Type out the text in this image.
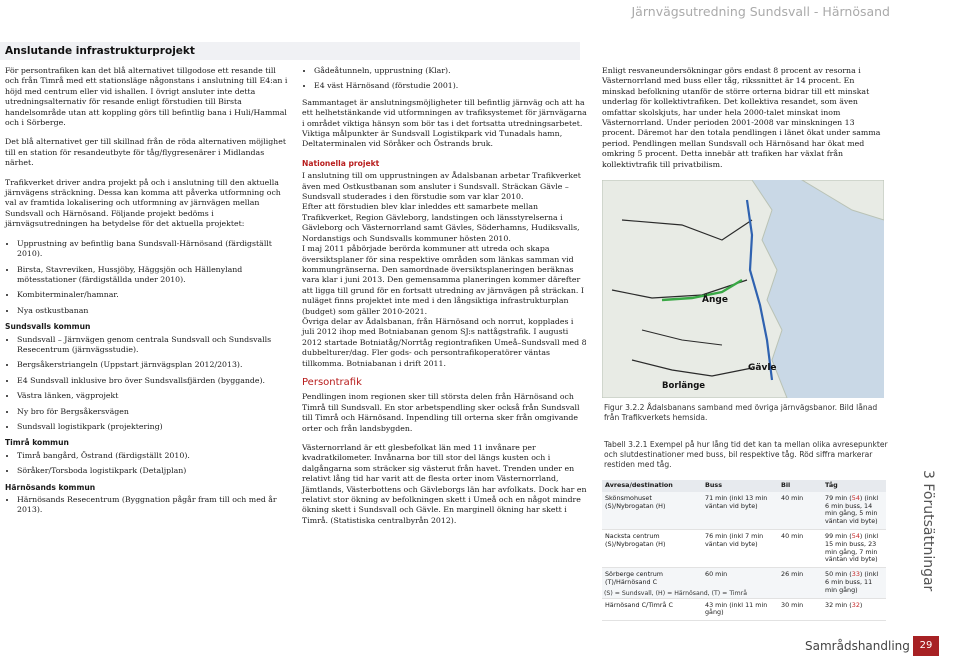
Järnvägsutredning Sundsvall - Härnösand
Anslutande infrastrukturprojekt

För persontrafiken kan det blå alternativet tillgodose ett resande till och från Timrå med ett stationsläge någonstans i anslutning till E4:an i höjd med centrum eller vid ishallen. I övrigt ansluter inte detta utredningsalternativ för resande enligt förstudien till Birsta handelsområde utan att koppling görs till befintlig bana i Huli/Hammal och i Sörberge.

Det blå alternativet ger till skillnad från de röda alternativen möjlighet till en station för resandeutbyte för tåg/flygresenärer i Midlandas närhet.

Trafikverket driver andra projekt på och i anslutning till den aktuella järnvägens sträckning. Dessa kan komma att påverka utformning och val av framtida lokalisering och utformning av järnvägen mellan Sundsvall och Härnösand. Följande projekt bedöms i järnvägsutredningen ha betydelse för det aktuella projektet:

• Upprustning av befintlig bana Sundsvall-Härnösand (färdigställt 2010).
• Birsta, Stavreviken, Hussjöby, Häggsjön och Hällenyland mötesstationer (färdigställda under 2010).
• Kombiterminaler/hamnar.
• Nya ostkustbanan
Sundsvalls kommun
• Sundsvall – Järnvägen genom centrala Sundsvall och Sundsvalls Resecentrum (järnvägsstudie).
• Bergsåkerstriangeln (Uppstart järnvägsplan 2012/2013).
• E4 Sundsvall inklusive bro över Sundsvallsfjärden (byggande).
• Västra länken, vägprojekt
• Ny bro för Bergsåkersvägen
• Sundsvall logistikpark (projektering)
Timrå kommun
• Timrå bangård, Östrand (färdigställt 2010).
• Söråker/Torsboda logistikpark (Detaljplan)
Härnösands kommun
• Härnösands Resecentrum (Byggnation pågår fram till och med år 2013).
• Gådeåtunneln, upprustning (Klar).
• E4 väst Härnösand (förstudie 2001).

Sammantaget är anslutningsmöjligheter till befintlig järnväg och att ha ett helhetstänkande vid utformningen av trafiksystemet för järnvägarna i området viktiga hänsyn som bör tas i det fortsatta utredningsarbetet. Viktiga målpunkter är Sundsvall Logistikpark vid Tunadals hamn, Deltaterminalen vid Söråker och Östrands bruk.

Nationella projekt

I anslutning till om upprustningen av Ådalsbanan arbetar Trafikverket även med Ostkustbanan som ansluter i Sundsvall. Sträckan Gävle – Sundsvall studerades i den förstudie som var klar 2010.

Efter att förstudien blev klar inleddes ett samarbete mellan Trafikverket, Region Gävleborg, landstingen och länsstyrelserna i Gävleborg och Västernorrland samt Gävles, Söderhamns, Hudiksvalls, Nordanstigs och Sundsvalls kommuner hösten 2010.

I maj 2011 påbörjade berörda kommuner att utreda och skapa översiktsplaner för sina respektive områden som länkas samman vid kommungränserna. Den samordnade översiktsplaneringen beräknas vara klar i juni 2013. Den gemensamma planeringen kommer därefter att ligga till grund för en fortsatt utredning av järnvägen på sträckan. I nuläget finns projektet inte med i den långsiktiga infrastrukturplan (budget) som gäller 2010-2021.

Övriga delar av Ådalsbanan, från Härnösand och norrut, kopplades i juli 2012 ihop med Botniabanan genom SJ:s nattågstrafik. I augusti 2012 startade Botniatåg/Norrtåg regiontrafiken Umeå–Sundsvall med 8 dubbelturer/dag. Fler gods- och persontrafikoperatörer väntas tillkomma. Botniabanan i drift 2011.

Persontrafik

Pendlingen inom regionen sker till största delen från Härnösand och Timrå till Sundsvall. En stor arbetspendling sker också från Sundsvall till Timrå och Härnösand. Inpendling till orterna sker från omgivande orter och från landsbygden.

Västernorrland är ett glesbefolkat län med 11 invånare per kvadratkilometer. Invånarna bor till stor del längs kusten och i dalgångarna som sträcker sig västerut från havet. Trenden under en relativt lång tid har varit att de flesta orter inom Västernorrland, Jämtlands, Västerbottens och Gävleborgs län har avfolkats. Dock har en relativt stor ökning av befolkningen skett i Umeå och en något mindre ökning skett i Sundsvall och Gävle. En marginell ökning har skett i Timrå. (Statistiska centralbyrån 2012).

Enligt resvaneundersökningar görs endast 8 procent av resorna i Västernorrland med buss eller tåg, rikssnittet är 14 procent. En minskad befolkning utanför de större orterna bidrar till ett minskat underlag för kollektivtrafiken. Det kollektiva resandet, som även omfattar skolskjuts, har under hela 2000-talet minskat inom Västernorrland. Under perioden 2001-2008 var minskningen 13 procent. Däremot har den totala pendlingen i länet ökat under samma period. Pendlingen mellan Sundsvall och Härnösand har ökat med omkring 5 procent. Detta innebär att trafiken har växlat från kollektivtrafik till privatbilism.

Ånge
Gävle
Borlänge
Figur 3.2.2 Ådalsbanans samband med övriga järnvägsbanor. Bild lånad från Trafikverkets hemsida.
Tabell 3.2.1 Exempel på hur lång tid det kan ta mellan olika avresepunkter och slutdestinationer med buss, bil respektive tåg. Röd siffra markerar restiden med tåg.
Avresa/destination	Buss	Bil	Tåg
Skönsmohuset (S)/Nybrogatan (H)	71 min (inkl 13 min väntan vid byte)	40 min	79 min (54) (inkl 6 min buss, 14 min gång, 5 min väntan vid byte)
Nacksta centrum (S)/Nybrogatan (H)	76 min (inkl 7 min väntan vid byte)	40 min	99 min (54) (inkl 15 min buss, 23 min gång, 7 min väntan vid byte)
Sörberge centrum (T)/Härnösand C	60 min	26 min	50 min (33) (inkl 6 min buss, 11 min gång)
Härnösand C/Timrå C	43 min (inkl 11 min gång)	30 min	32 min (32)
(S) = Sundsvall, (H) = Härnösand, (T) = Timrå
3 Förutsättningar
Samrådshandling 29
